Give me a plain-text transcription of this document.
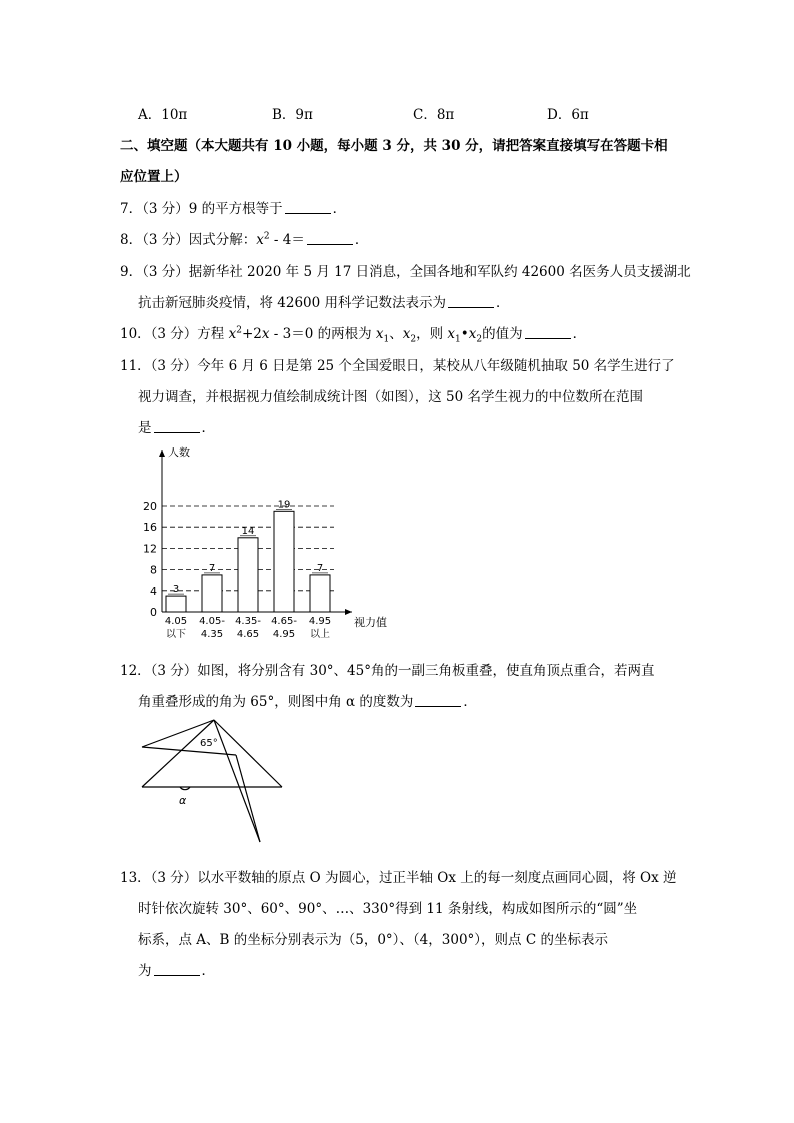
A．10π	B．9π	C．8π	D．6π
二、填空题（本大题共有 10 小题，每小题 3 分，共 30 分，请把答案直接填写在答题卡相
应位置上）
7．（3 分）9 的平方根等于	．
8．（3 分）因式分解：$x^2 - 4=$	．
9．（3 分）据新华社 2020 年 5 月 17 日消息，全国各地和军队约 42600 名医务人员支援湖北
抗击新冠肺炎疫情，将 42600 用科学记数法表示为	．
10．（3 分）方程 $x^2+2x - 3=0$ 的两根为 $x_1$、$x_2$，则 $x_1•x_2$的值为	．
11．（3 分）今年 6 月 6 日是第 25 个全国爱眼日，某校从八年级随机抽取 50 名学生进行了
视力调查，并根据视力值绘制成统计图（如图），这 50 名学生视力的中位数所在范围
是	．
0
4
8
12
16
20
人数
视力值
3
4.05
以下
7
4.05-
4.35
14
4.35-
4.65
19
4.65-
4.95
7
4.95
以上
12．（3 分）如图，将分别含有 30°、45°角的一副三角板重叠，使直角顶点重合，若两直
角重叠形成的角为 65°，则图中角 α 的度数为	．
65°
α
13．（3 分）以水平数轴的原点 O 为圆心，过正半轴 Ox 上的每一刻度点画同心圆，将 Ox 逆
时针依次旋转 30°、60°、90°、…、330°得到 11 条射线，构成如图所示的“圆”坐
标系，点 A、B 的坐标分别表示为（5，0°）、（4，300°），则点 C 的坐标表示
为	．
